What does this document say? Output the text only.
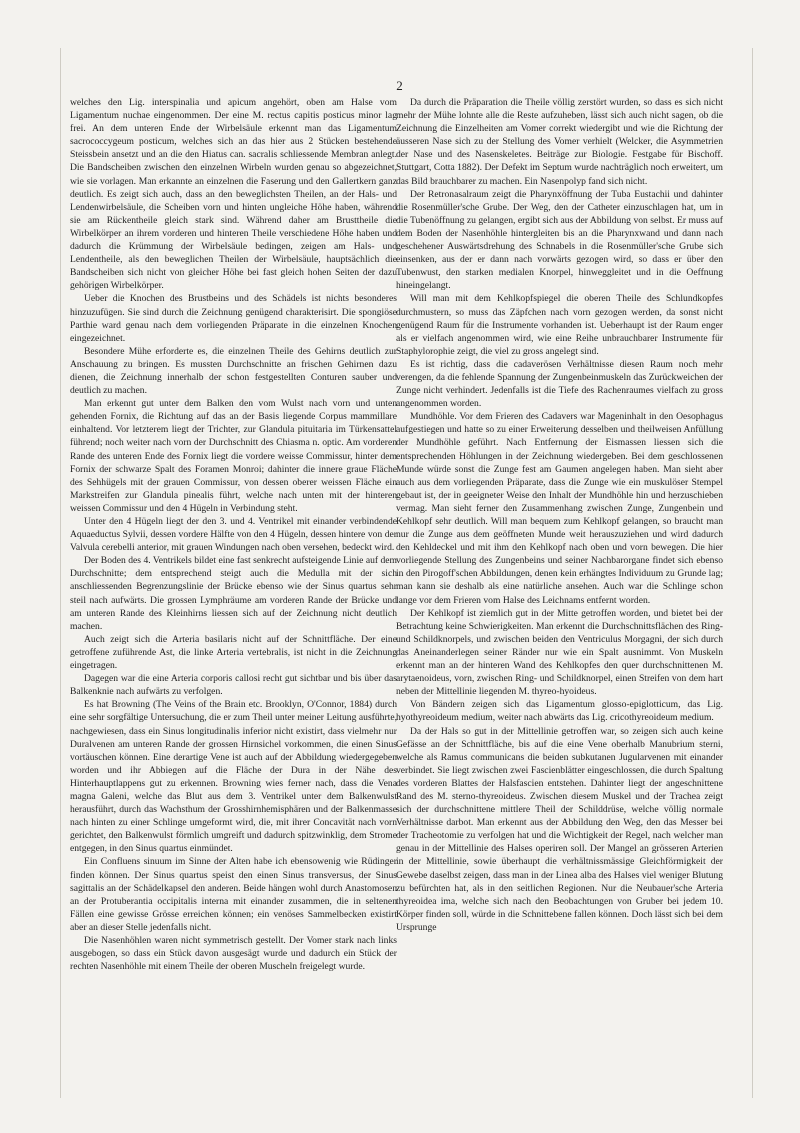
2

welches den Lig. interspinalia und apicum angehört, oben am Halse vom Ligamentum nuchae eingenommen. Der eine M. rectus capitis posticus minor lag frei. An dem unteren Ende der Wirbelsäule erkennt man das Ligamentum sacrococcygeum posticum, welches sich an das hier aus 2 Stücken bestehende Steissbein ansetzt und an die den Hiatus can. sacralis schliessende Membran anlegt. Die Bandscheiben zwischen den einzelnen Wirbeln wurden genau so abgezeichnet, wie sie vorlagen. Man erkannte an einzelnen die Faserung und den Gallertkern ganz deutlich. Es zeigt sich auch, dass an den beweglichsten Theilen, an der Hals- und Lendenwirbelsäule, die Scheiben vorn und hinten ungleiche Höhe haben, während sie am Rückentheile gleich stark sind. Während daher am Brusttheile die Wirbelkörper an ihrem vorderen und hinteren Theile verschiedene Höhe haben und dadurch die Krümmung der Wirbelsäule bedingen, zeigen am Hals- und Lendentheile, als den beweglichen Theilen der Wirbelsäule, hauptsächlich die Bandscheiben sich nicht von gleicher Höhe bei fast gleich hohen Seiten der dazu gehörigen Wirbelkörper.

Ueber die Knochen des Brustbeins und des Schädels ist nichts besonderes hinzuzufügen. Sie sind durch die Zeichnung genügend charakterisirt. Die spongiöse Parthie ward genau nach dem vorliegenden Präparate in die einzelnen Knochen eingezeichnet.

Besondere Mühe erforderte es, die einzelnen Theile des Gehirns deutlich zur Anschauung zu bringen. Es mussten Durchschnitte an frischen Gehirnen dazu dienen, die Zeichnung innerhalb der schon festgestellten Conturen sauber und deutlich zu machen.

Man erkennt gut unter dem Balken den vom Wulst nach vorn und unten gehenden Fornix, die Richtung auf das an der Basis liegende Corpus mammillare einhaltend. Vor letzterem liegt der Trichter, zur Glandula pituitaria im Türkensattel führend; noch weiter nach vorn der Durchschnitt des Chiasma n. optic. Am vorderen Rande des unteren Ende des Fornix liegt die vordere weisse Commissur, hinter dem Fornix der schwarze Spalt des Foramen Monroi; dahinter die innere graue Fläche des Sehhügels mit der grauen Commissur, von dessen oberer weissen Fläche ein Markstreifen zur Glandula pinealis führt, welche nach unten mit der hinteren weissen Commissur und den 4 Hügeln in Verbindung steht.

Unter den 4 Hügeln liegt der den 3. und 4. Ventrikel mit einander verbindende Aquaeductus Sylvii, dessen vordere Hälfte von den 4 Hügeln, dessen hintere von der Valvula cerebelli anterior, mit grauen Windungen nach oben versehen, bedeckt wird.

Der Boden des 4. Ventrikels bildet eine fast senkrecht aufsteigende Linie auf dem Durchschnitte; dem entsprechend steigt auch die Medulla mit der sich anschliessenden Begrenzungslinie der Brücke ebenso wie der Sinus quartus sehr steil nach aufwärts. Die grossen Lymphräume am vorderen Rande der Brücke und am unteren Rande des Kleinhirns liessen sich auf der Zeichnung nicht deutlich machen.

Auch zeigt sich die Arteria basilaris nicht auf der Schnittfläche. Der eine getroffene zuführende Ast, die linke Arteria vertebralis, ist nicht in die Zeichnung eingetragen.

Dagegen war die eine Arteria corporis callosi recht gut sichtbar und bis über das Balkenknie nach aufwärts zu verfolgen.

Es hat Browning (The Veins of the Brain etc. Brooklyn, O'Connor, 1884) durch eine sehr sorgfältige Untersuchung, die er zum Theil unter meiner Leitung ausführte, nachgewiesen, dass ein Sinus longitudinalis inferior nicht existirt, dass vielmehr nur Duralvenen am unteren Rande der grossen Hirnsichel vorkommen, die einen Sinus vortäuschen können. Eine derartige Vene ist auch auf der Abbildung wiedergegeben worden und ihr Abbiegen auf die Fläche der Dura in der Nähe des Hinterhauptlappens gut zu erkennen. Browning wies ferner nach, dass die Vena magna Galeni, welche das Blut aus dem 3. Ventrikel unter dem Balkenwulst herausführt, durch das Wachsthum der Grosshirnhemisphären und der Balkenmasse nach hinten zu einer Schlinge umgeformt wird, die, mit ihrer Concavität nach vorn gerichtet, den Balkenwulst förmlich umgreift und dadurch spitzwinklig, dem Strome entgegen, in den Sinus quartus einmündet.

Ein Confluens sinuum im Sinne der Alten habe ich ebensowenig wie Rüdinger finden können. Der Sinus quartus speist den einen Sinus transversus, der Sinus sagittalis an der Schädelkapsel den anderen. Beide hängen wohl durch Anastomosen an der Protuberantia occipitalis interna mit einander zusammen, die in seltenen Fällen eine gewisse Grösse erreichen können; ein venöses Sammelbecken existirt aber an dieser Stelle jedenfalls nicht.

Die Nasenhöhlen waren nicht symmetrisch gestellt. Der Vomer stark nach links ausgebogen, so dass ein Stück davon ausgesägt wurde und dadurch ein Stück der rechten Nasenhöhle mit einem Theile der oberen Muscheln freigelegt wurde.

Da durch die Präparation die Theile völlig zerstört wurden, so dass es sich nicht mehr der Mühe lohnte alle die Reste aufzuheben, lässt sich auch nicht sagen, ob die Zeichnung die Einzelheiten am Vomer correkt wiedergibt und wie die Richtung der äusseren Nase sich zu der Stellung des Vomer verhielt (Welcker, die Asymmetrien der Nase und des Nasenskeletes. Beiträge zur Biologie. Festgabe für Bischoff. Stuttgart, Cotta 1882). Der Defekt im Septum wurde nachträglich noch erweitert, um das Bild brauchbarer zu machen. Ein Nasenpolyp fand sich nicht.

Der Retronasalraum zeigt die Pharynxöffnung der Tuba Eustachii und dahinter die Rosenmüller'sche Grube. Der Weg, den der Catheter einzuschlagen hat, um in die Tubenöffnung zu gelangen, ergibt sich aus der Abbildung von selbst. Er muss auf dem Boden der Nasenhöhle hintergleiten bis an die Pharynxwand und dann nach geschehener Auswärtsdrehung des Schnabels in die Rosenmüller'sche Grube sich einsenken, aus der er dann nach vorwärts gezogen wird, so dass er über den Tubenwust, den starken medialen Knorpel, hinweggleitet und in die Oeffnung hineingelangt.

Will man mit dem Kehlkopfspiegel die oberen Theile des Schlundkopfes durchmustern, so muss das Zäpfchen nach vorn gezogen werden, da sonst nicht genügend Raum für die Instrumente vorhanden ist. Ueberhaupt ist der Raum enger als er vielfach angenommen wird, wie eine Reihe unbrauchbarer Instrumente für Staphylorophie zeigt, die viel zu gross angelegt sind.

Es ist richtig, dass die cadaverösen Verhältnisse diesen Raum noch mehr verengen, da die fehlende Spannung der Zungenbeinmuskeln das Zurückweichen der Zunge nicht verhindert. Jedenfalls ist die Tiefe des Rachenraumes vielfach zu gross angenommen worden.

Mundhöhle. Vor dem Frieren des Cadavers war Mageninhalt in den Oesophagus aufgestiegen und hatte so zu einer Erweiterung desselben und theilweisen Anfüllung der Mundhöhle geführt. Nach Entfernung der Eismassen liessen sich die entsprechenden Höhlungen in der Zeichnung wiedergeben. Bei dem geschlossenen Munde würde sonst die Zunge fest am Gaumen angelegen haben. Man sieht aber auch aus dem vorliegenden Präparate, dass die Zunge wie ein muskulöser Stempel gebaut ist, der in geeigneter Weise den Inhalt der Mundhöhle hin und herzuschieben vermag. Man sieht ferner den Zusammenhang zwischen Zunge, Zungenbein und Kehlkopf sehr deutlich. Will man bequem zum Kehlkopf gelangen, so braucht man nur die Zunge aus dem geöffneten Munde weit herauszuziehen und wird dadurch den Kehldeckel und mit ihm den Kehlkopf nach oben und vorn bewegen. Die hier vorliegende Stellung des Zungenbeins und seiner Nachbarorgane findet sich ebenso in den Pirogoff'schen Abbildungen, denen kein erhängtes Individuum zu Grunde lag; man kann sie deshalb als eine natürliche ansehen. Auch war die Schlinge schon lange vor dem Frieren vom Halse des Leichnams entfernt worden.

Der Kehlkopf ist ziemlich gut in der Mitte getroffen worden, und bietet bei der Betrachtung keine Schwierigkeiten. Man erkennt die Durchschnittsflächen des Ring- und Schildknorpels, und zwischen beiden den Ventriculus Morgagni, der sich durch das Aneinanderlegen seiner Ränder nur wie ein Spalt ausnimmt. Von Muskeln erkennt man an der hinteren Wand des Kehlkopfes den quer durchschnittenen M. arytaenoideus, vorn, zwischen Ring- und Schildknorpel, einen Streifen von dem hart neben der Mittellinie liegenden M. thyreo-hyoideus.

Von Bändern zeigen sich das Ligamentum glosso-epiglotticum, das Lig. hyothyreoideum medium, weiter nach abwärts das Lig. cricothyreoideum medium.

Da der Hals so gut in der Mittellinie getroffen war, so zeigen sich auch keine Gefässe an der Schnittfläche, bis auf die eine Vene oberhalb Manubrium sterni, welche als Ramus communicans die beiden subkutanen Jugularvenen mit einander verbindet. Sie liegt zwischen zwei Fascienblätter eingeschlossen, die durch Spaltung des vorderen Blattes der Halsfascien entstehen. Dahinter liegt der angeschnittene Rand des M. sterno-thyreoideus. Zwischen diesem Muskel und der Trachea zeigt sich der durchschnittene mittlere Theil der Schilddrüse, welche völlig normale Verhältnisse darbot. Man erkennt aus der Abbildung den Weg, den das Messer bei der Tracheotomie zu verfolgen hat und die Wichtigkeit der Regel, nach welcher man genau in der Mittellinie des Halses operiren soll. Der Mangel an grösseren Arterien in der Mittellinie, sowie überhaupt die verhältnissmässige Gleichförmigkeit der Gewebe daselbst zeigen, dass man in der Linea alba des Halses viel weniger Blutung zu befürchten hat, als in den seitlichen Regionen. Nur die Neubauer'sche Arteria thyreoidea ima, welche sich nach den Beobachtungen von Gruber bei jedem 10. Körper finden soll, würde in die Schnittebene fallen können. Doch lässt sich bei dem Ursprunge
